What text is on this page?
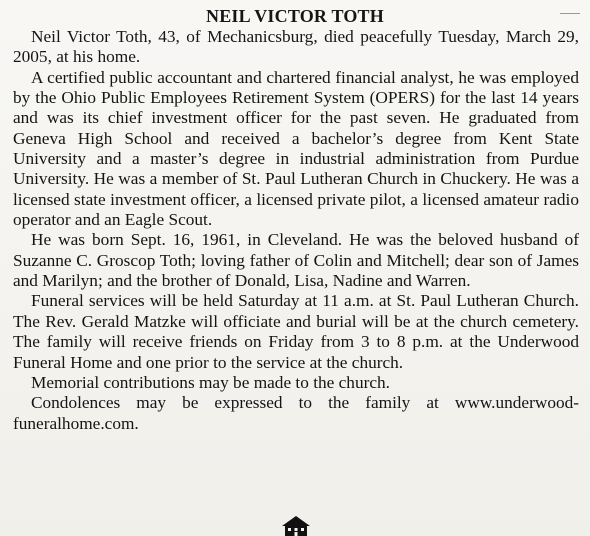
NEIL VICTOR TOTH

Neil Victor Toth, 43, of Mechanicsburg, died peacefully Tuesday, March 29, 2005, at his home.

A certified public accountant and chartered financial analyst, he was employed by the Ohio Public Employees Retirement System (OPERS) for the last 14 years and was its chief investment officer for the past seven. He graduated from Geneva High School and received a bachelor’s degree from Kent State University and a master’s degree in industrial administration from Purdue University. He was a member of St. Paul Lutheran Church in Chuckery. He was a licensed state investment officer, a licensed private pilot, a licensed amateur radio operator and an Eagle Scout.

He was born Sept. 16, 1961, in Cleveland. He was the beloved husband of Suzanne C. Groscop Toth; loving father of Colin and Mitchell; dear son of James and Marilyn; and the brother of Donald, Lisa, Nadine and Warren.

Funeral services will be held Saturday at 11 a.m. at St. Paul Lutheran Church. The Rev. Gerald Matzke will officiate and burial will be at the church cemetery. The family will receive friends on Friday from 3 to 8 p.m. at the Underwood Funeral Home and one prior to the service at the church.

Memorial contributions may be made to the church.

Condolences may be expressed to the family at www.underwood-funeralhome.com.
